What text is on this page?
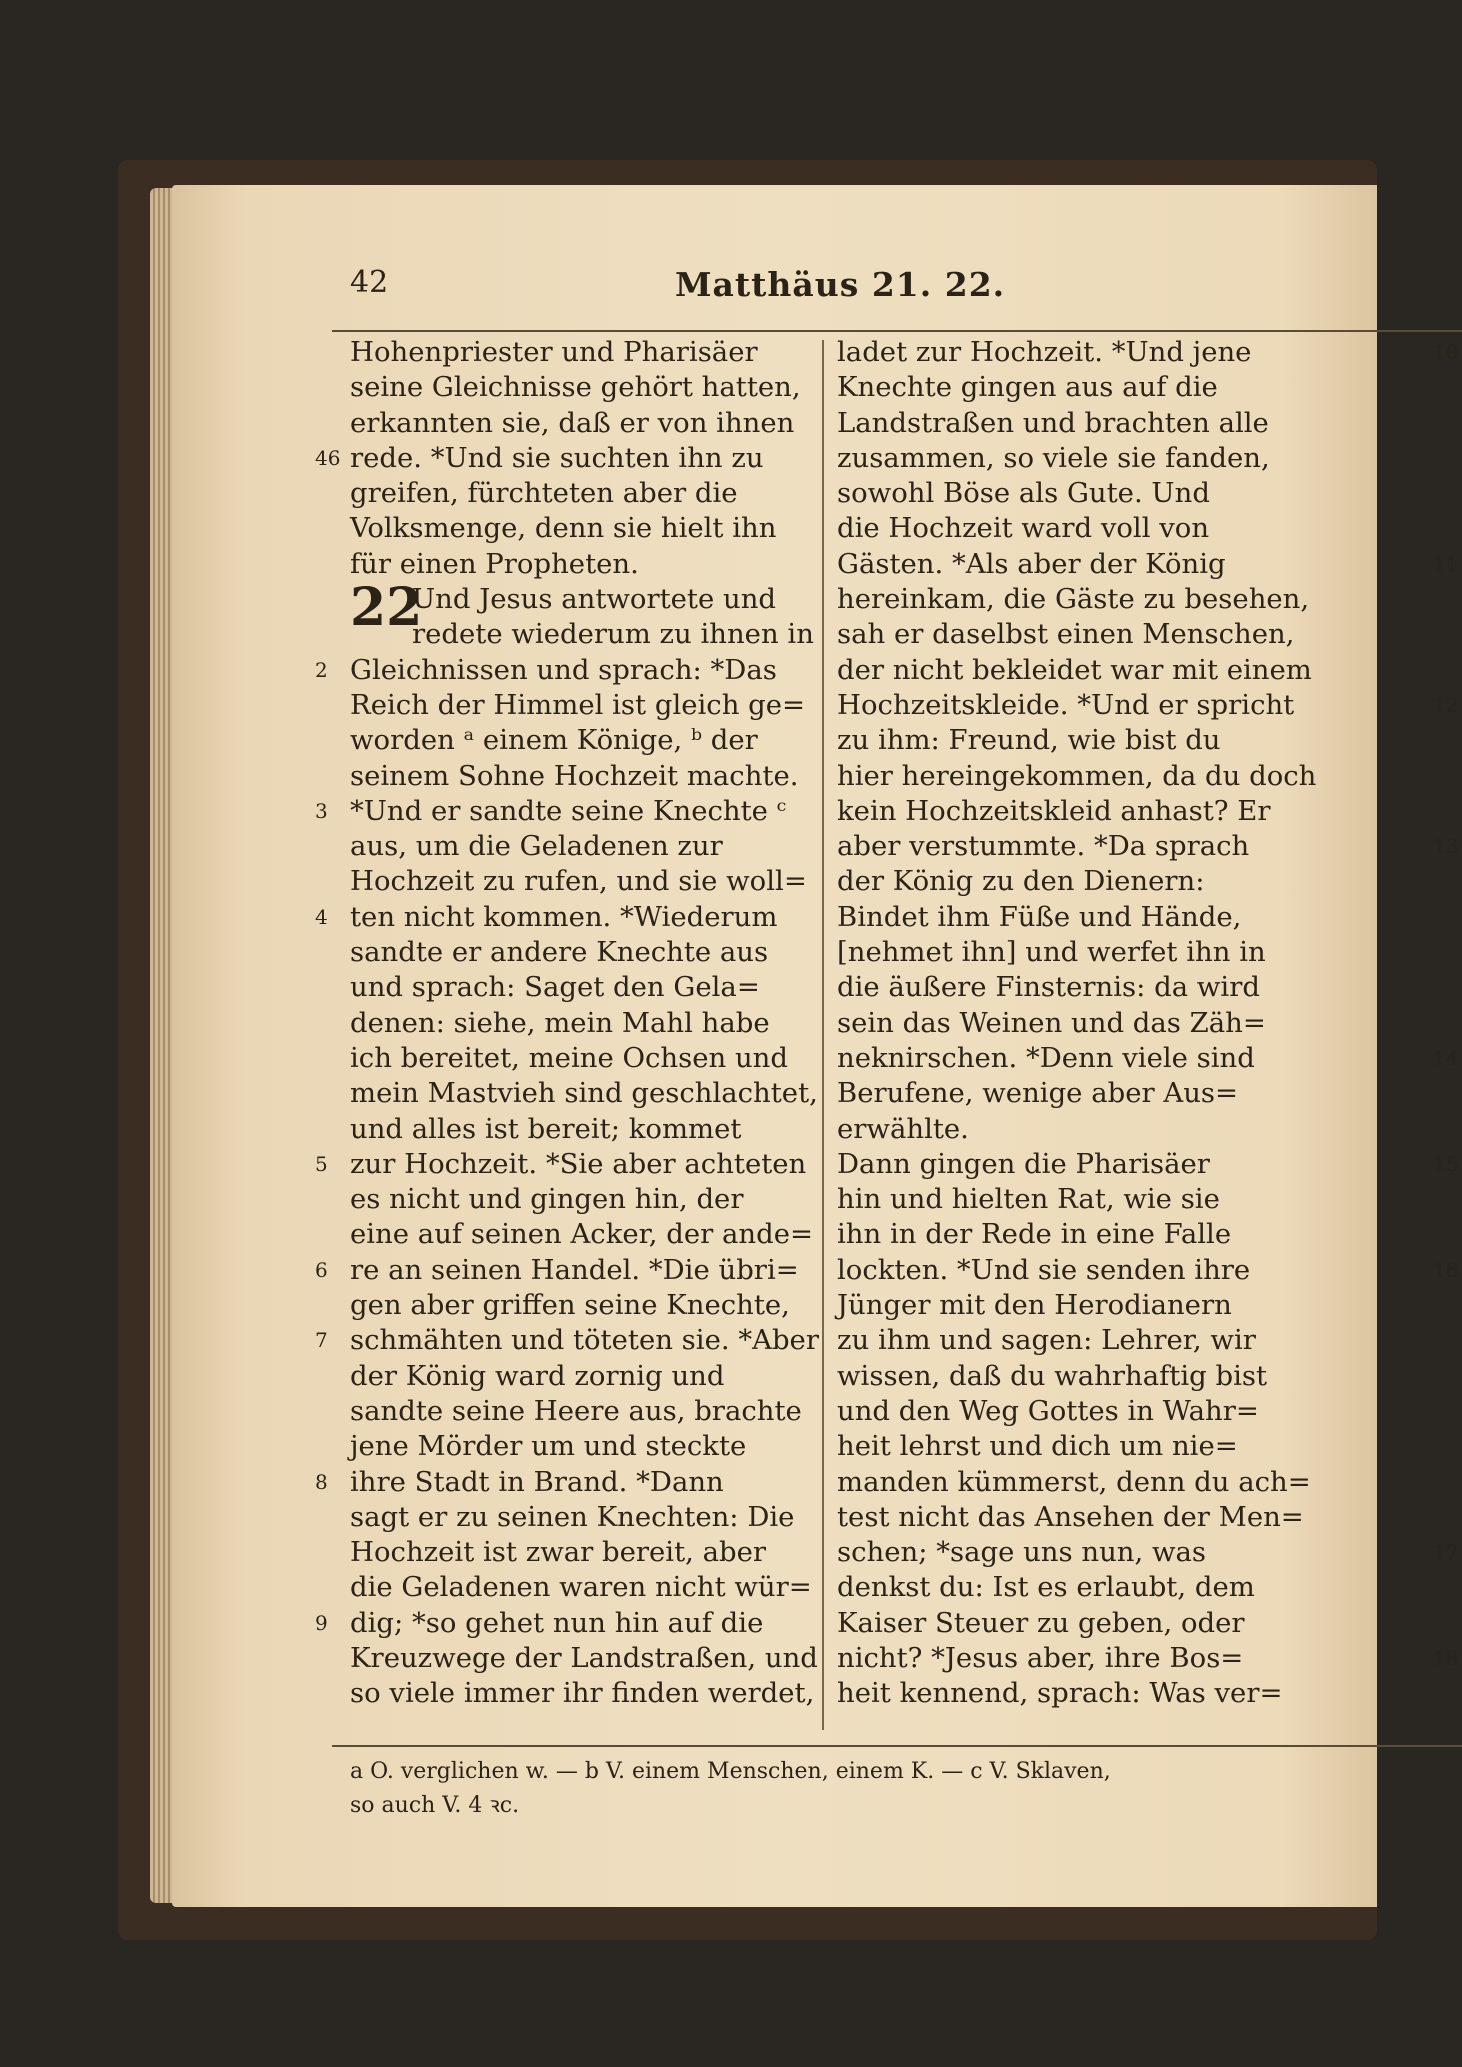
42	Matthäus 21. 22.
Hohenpriester und Pharisäer
seine Gleichnisse gehört hatten,
erkannten sie, daß er von ihnen
46 rede. *Und sie suchten ihn zu
greifen, fürchteten aber die
Volksmenge, denn sie hielt ihn
für einen Propheten.
22
Und Jesus antwortete und
redete wiederum zu ihnen in
2 Gleichnissen und sprach: *Das
Reich der Himmel ist gleich ge=
worden ᵃ einem Könige, ᵇ der
seinem Sohne Hochzeit machte.
3 *Und er sandte seine Knechte ᶜ
aus, um die Geladenen zur
Hochzeit zu rufen, und sie woll=
4 ten nicht kommen. *Wiederum
sandte er andere Knechte aus
und sprach: Saget den Gela=
denen: siehe, mein Mahl habe
ich bereitet, meine Ochsen und
mein Mastvieh sind geschlachtet,
und alles ist bereit; kommet
5 zur Hochzeit. *Sie aber achteten
es nicht und gingen hin, der
eine auf seinen Acker, der ande=
6 re an seinen Handel. *Die übri=
gen aber griffen seine Knechte,
7 schmähten und töteten sie. *Aber
der König ward zornig und
sandte seine Heere aus, brachte
jene Mörder um und steckte
8 ihre Stadt in Brand. *Dann
sagt er zu seinen Knechten: Die
Hochzeit ist zwar bereit, aber
die Geladenen waren nicht wür=
9 dig; *so gehet nun hin auf die
Kreuzwege der Landstraßen, und
so viele immer ihr finden werdet,
10
ladet zur Hochzeit. *Und jene
Knechte gingen aus auf die
Landstraßen und brachten alle
zusammen, so viele sie fanden,
sowohl Böse als Gute. Und
die Hochzeit ward voll von
11
Gästen. *Als aber der König
hereinkam, die Gäste zu besehen,
sah er daselbst einen Menschen,
der nicht bekleidet war mit einem
12
Hochzeitskleide. *Und er spricht
zu ihm: Freund, wie bist du
hier hereingekommen, da du doch
kein Hochzeitskleid anhast? Er
13
aber verstummte. *Da sprach
der König zu den Dienern:
Bindet ihm Füße und Hände,
[nehmet ihn] und werfet ihn in
die äußere Finsternis: da wird
sein das Weinen und das Zäh=
14
neknirschen. *Denn viele sind
Berufene, wenige aber Aus=
erwählte.
15
Dann gingen die Pharisäer
hin und hielten Rat, wie sie
ihn in der Rede in eine Falle
16
lockten. *Und sie senden ihre
Jünger mit den Herodianern
zu ihm und sagen: Lehrer, wir
wissen, daß du wahrhaftig bist
und den Weg Gottes in Wahr=
heit lehrst und dich um nie=
manden kümmerst, denn du ach=
test nicht das Ansehen der Men=
17
schen; *sage uns nun, was
denkst du: Ist es erlaubt, dem
Kaiser Steuer zu geben, oder
18
nicht? *Jesus aber, ihre Bos=
heit kennend, sprach: Was ver=
a O. verglichen w. — b V. einem Menschen, einem K. — c V. Sklaven,
so auch V. 4 ꝛc.
